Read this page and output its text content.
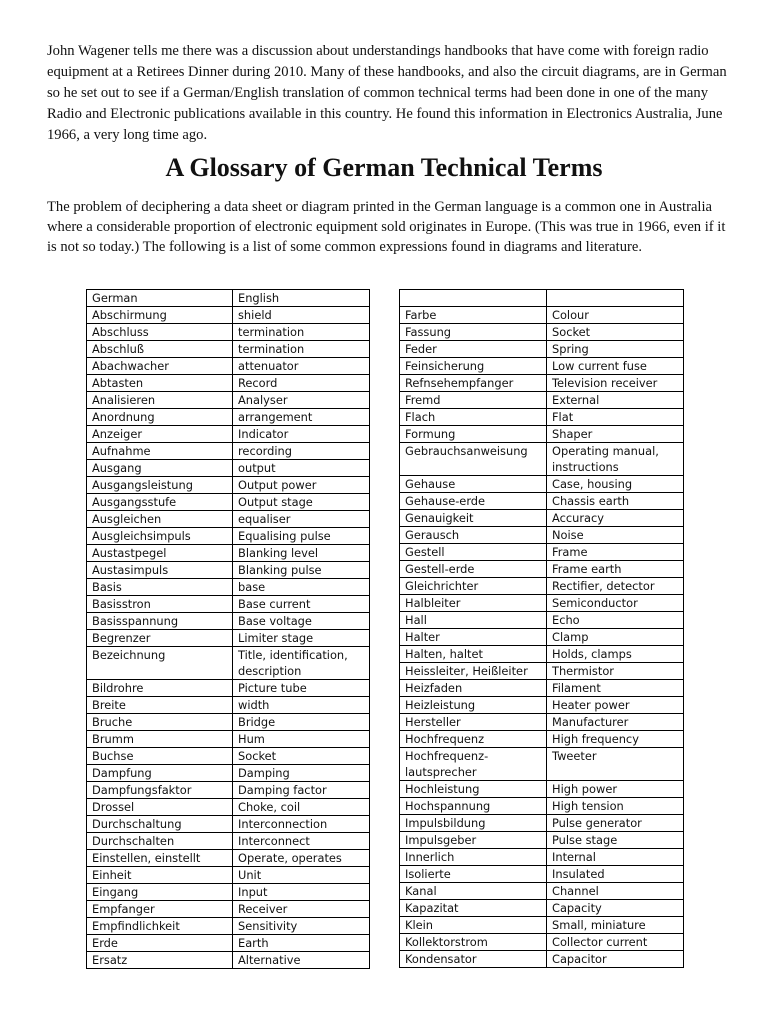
John Wagener tells me there was a discussion about understandings handbooks that have come with foreign radio equipment at a Retirees Dinner during 2010. Many of these handbooks, and also the circuit diagrams, are in German so he set out to see if a German/English translation of common technical terms had been done in one of the many Radio and Electronic publications available in this country. He found this information in Electronics Australia, June 1966, a very long time ago.

A Glossary of German Technical Terms

The problem of deciphering a data sheet or diagram printed in the German language is a common one in Australia where a considerable proportion of electronic equipment sold originates in Europe. (This was true in 1966, even if it is not so today.) The following is a list of some common expressions found in diagrams and literature.

German	English
Abschirmung	shield
Abschluss	termination
Abschluß	termination
Abachwacher	attenuator
Abtasten	Record
Analisieren	Analyser
Anordnung	arrangement
Anzeiger	Indicator
Aufnahme	recording
Ausgang	output
Ausgangsleistung	Output power
Ausgangsstufe	Output stage
Ausgleichen	equaliser
Ausgleichsimpuls	Equalising pulse
Austastpegel	Blanking level
Austasimpuls	Blanking pulse
Basis	base
Basisstron	Base current
Basisspannung	Base voltage
Begrenzer	Limiter stage
Bezeichnung	Title, identification, description
Bildrohre	Picture tube
Breite	width
Bruche	Bridge
Brumm	Hum
Buchse	Socket
Dampfung	Damping
Dampfungsfaktor	Damping factor
Drossel	Choke, coil
Durchschaltung	Interconnection
Durchschalten	Interconnect
Einstellen, einstellt	Operate, operates
Einheit	Unit
Eingang	Input
Empfanger	Receiver
Empfindlichkeit	Sensitivity
Erde	Earth
Ersatz	Alternative

Farbe	Colour
Fassung	Socket
Feder	Spring
Feinsicherung	Low current fuse
Refnsehempfanger	Television receiver
Fremd	External
Flach	Flat
Formung	Shaper
Gebrauchsanweisung	Operating manual, instructions
Gehause	Case, housing
Gehause-erde	Chassis earth
Genauigkeit	Accuracy
Gerausch	Noise
Gestell	Frame
Gestell-erde	Frame earth
Gleichrichter	Rectifier, detector
Halbleiter	Semiconductor
Hall	Echo
Halter	Clamp
Halten, haltet	Holds, clamps
Heissleiter, Heißleiter	Thermistor
Heizfaden	Filament
Heizleistung	Heater power
Hersteller	Manufacturer
Hochfrequenz	High frequency
Hochfrequenz-lautsprecher	Tweeter
Hochleistung	High power
Hochspannung	High tension
Impulsbildung	Pulse generator
Impulsgeber	Pulse stage
Innerlich	Internal
Isolierte	Insulated
Kanal	Channel
Kapazitat	Capacity
Klein	Small, miniature
Kollektorstrom	Collector current
Kondensator	Capacitor
